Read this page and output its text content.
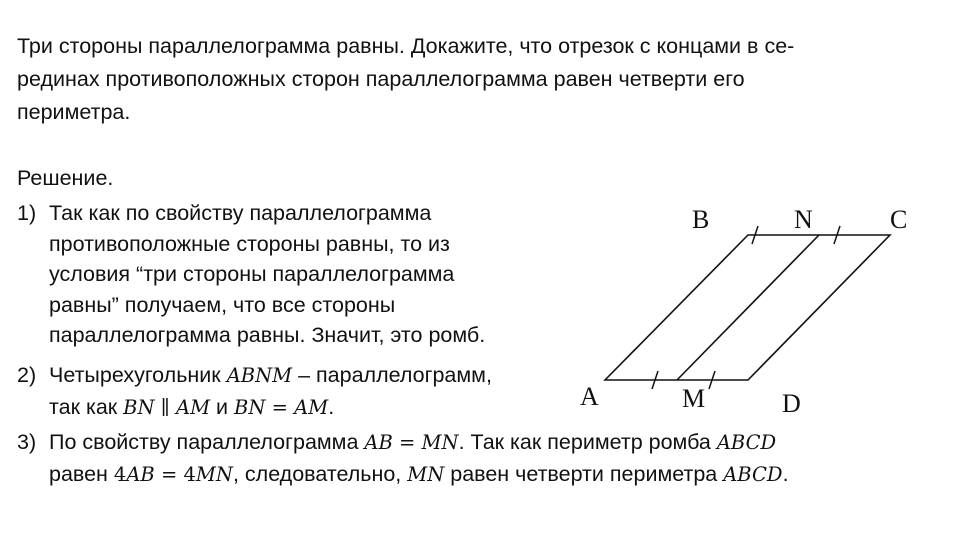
Три стороны параллелограмма равны. Докажите, что отрезок с концами в се-
рединах противоположных сторон параллелограмма равен четверти его
периметра.
Решение.
1) Так как по свойству параллелограмма
противоположные стороны равны, то из
условия “три стороны параллелограмма
равны” получаем, что все стороны
параллелограмма равны. Значит, это ромб.
2) Четырехугольник ABNM – параллелограмм,
так как BN ∥ AM и BN = AM.
3) По свойству параллелограмма AB = MN. Так как периметр ромба ABCD
равен 4AB = 4MN, следовательно, MN равен четверти периметра ABCD.
B	N	C
A	M	D
